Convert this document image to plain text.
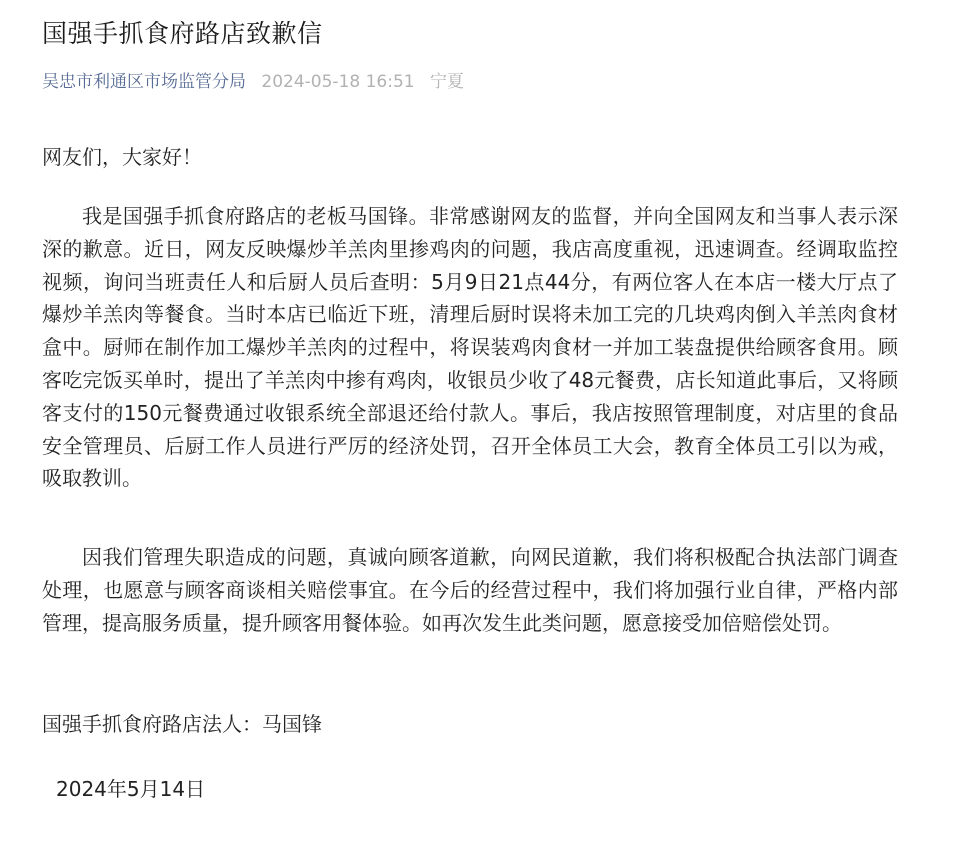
国强手抓食府路店致歉信
吴忠市利通区市场监管分局 2024-05-18 16:51 宁夏

网友们，大家好！

我是国强手抓食府路店的老板马国锋。非常感谢网友的监督，并向全国网友和当事人表示深深的歉意。近日，网友反映爆炒羊羔肉里掺鸡肉的问题，我店高度重视，迅速调查。经调取监控视频，询问当班责任人和后厨人员后查明：5月9日21点44分，有两位客人在本店一楼大厅点了爆炒羊羔肉等餐食。当时本店已临近下班，清理后厨时误将未加工完的几块鸡肉倒入羊羔肉食材盒中。厨师在制作加工爆炒羊羔肉的过程中，将误装鸡肉食材一并加工装盘提供给顾客食用。顾客吃完饭买单时，提出了羊羔肉中掺有鸡肉，收银员少收了48元餐费，店长知道此事后，又将顾客支付的150元餐费通过收银系统全部退还给付款人。事后，我店按照管理制度，对店里的食品安全管理员、后厨工作人员进行严厉的经济处罚，召开全体员工大会，教育全体员工引以为戒，吸取教训。

因我们管理失职造成的问题，真诚向顾客道歉，向网民道歉，我们将积极配合执法部门调查处理，也愿意与顾客商谈相关赔偿事宜。在今后的经营过程中，我们将加强行业自律，严格内部管理，提高服务质量，提升顾客用餐体验。如再次发生此类问题，愿意接受加倍赔偿处罚。

国强手抓食府路店法人：马国锋

2024年5月14日
